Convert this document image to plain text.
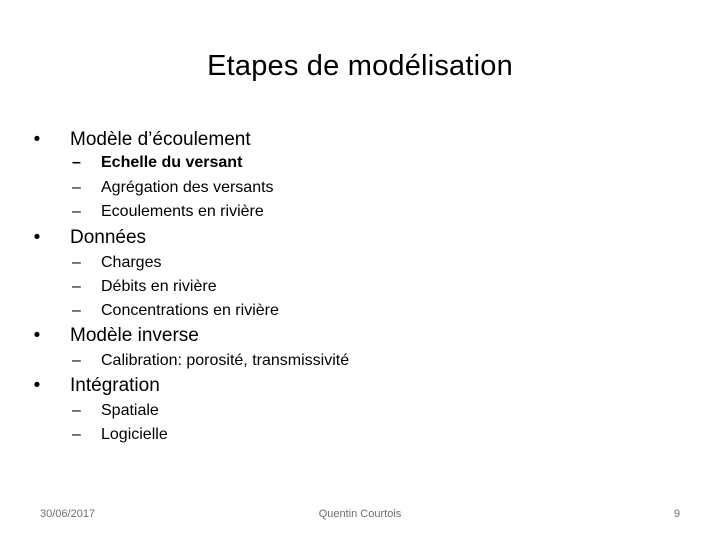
Etapes de modélisation
• Modèle d’écoulement
– Echelle du versant
– Agrégation des versants
– Ecoulements en rivière
• Données
– Charges
– Débits en rivière
– Concentrations en rivière
• Modèle inverse
– Calibration: porosité, transmissivité
• Intégration
– Spatiale
– Logicielle
30/06/2017	Quentin Courtois	9
